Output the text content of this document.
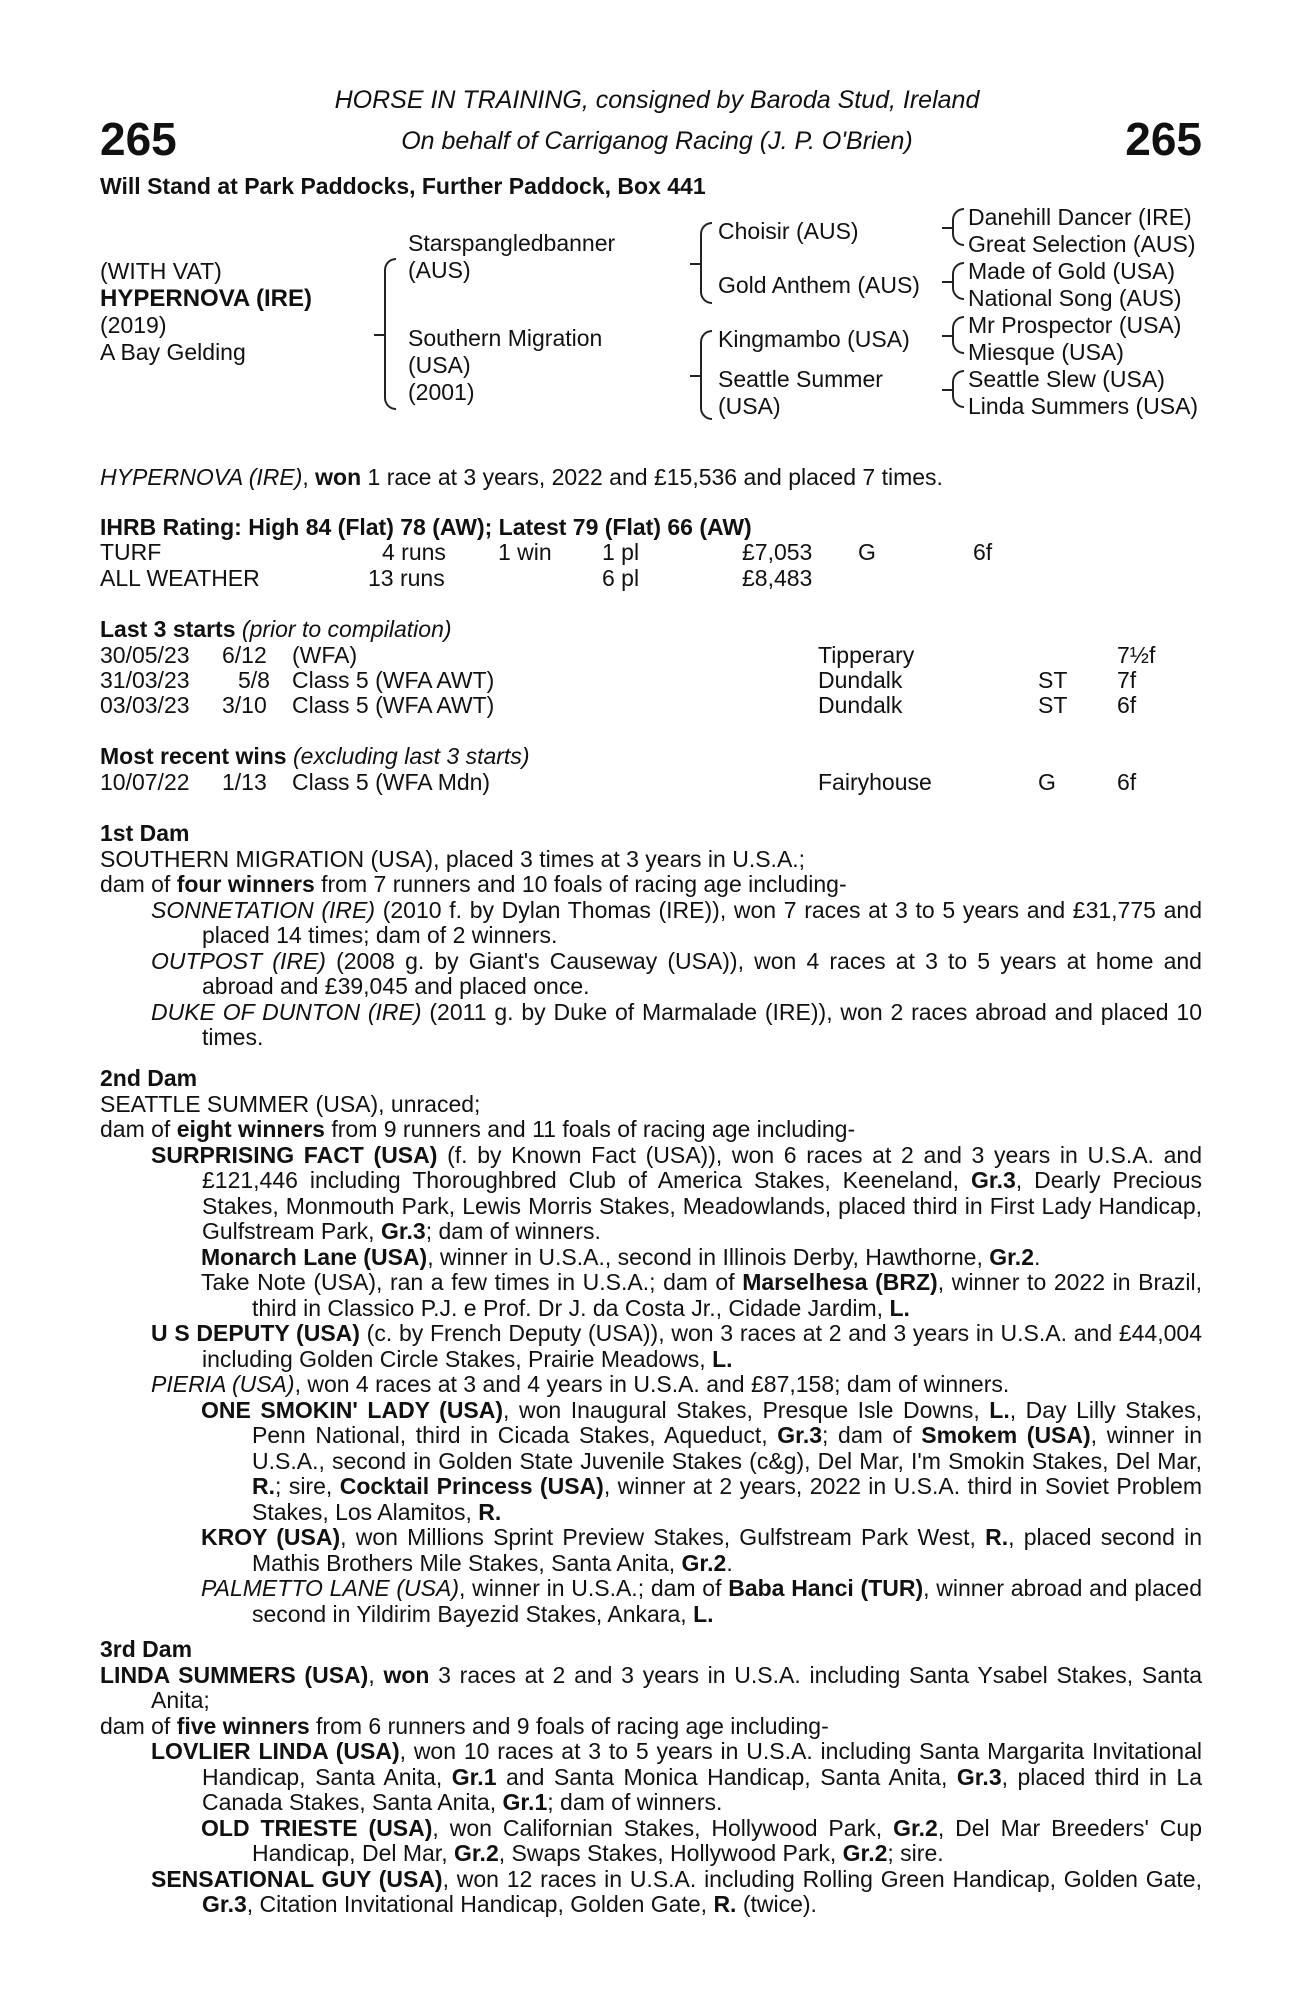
265	265
HORSE IN TRAINING, consigned by Baroda Stud, Ireland
On behalf of Carriganog Racing (J. P. O'Brien)
Will Stand at Park Paddocks, Further Paddock, Box 441
(WITH VAT)
HYPERNOVA (IRE)
(2019)
A Bay Gelding
Starspangledbanner
(AUS)
Southern Migration
(USA)
(2001)
Choisir (AUS)
Gold Anthem (AUS)
Kingmambo (USA)
Seattle Summer
(USA)
Danehill Dancer (IRE)
Great Selection (AUS)
Made of Gold (USA)
National Song (AUS)
Mr Prospector (USA)
Miesque (USA)
Seattle Slew (USA)
Linda Summers (USA)
HYPERNOVA (IRE), won 1 race at 3 years, 2022 and £15,536 and placed 7 times.
IHRB Rating: High 84 (Flat) 78 (AW); Latest 79 (Flat) 66 (AW)
TURF	4 runs 1 win 1 pl	£7,053 G	6f
ALL WEATHER	13 runs	6 pl	£8,483
Last 3 starts (prior to compilation)
30/05/23 6/12 (WFA)	Tipperary	7½f
31/03/23 5/8 Class 5 (WFA AWT)	Dundalk	ST 7f
03/03/23 3/10 Class 5 (WFA AWT)	Dundalk	ST 6f
Most recent wins (excluding last 3 starts)
10/07/22 1/13 Class 5 (WFA Mdn)	Fairyhouse	G	6f

1st Dam

SOUTHERN MIGRATION (USA), placed 3 times at 3 years in U.S.A.;

dam of four winners from 7 runners and 10 foals of racing age including-

SONNETATION (IRE) (2010 f. by Dylan Thomas (IRE)), won 7 races at 3 to 5 years and £31,775 and placed 14 times; dam of 2 winners.

OUTPOST (IRE) (2008 g. by Giant's Causeway (USA)), won 4 races at 3 to 5 years at home and abroad and £39,045 and placed once.

DUKE OF DUNTON (IRE) (2011 g. by Duke of Marmalade (IRE)), won 2 races abroad and placed 10 times.

2nd Dam

SEATTLE SUMMER (USA), unraced;

dam of eight winners from 9 runners and 11 foals of racing age including-

SURPRISING FACT (USA) (f. by Known Fact (USA)), won 6 races at 2 and 3 years in U.S.A. and £121,446 including Thoroughbred Club of America Stakes, Keeneland, Gr.3, Dearly Precious Stakes, Monmouth Park, Lewis Morris Stakes, Meadowlands, placed third in First Lady Handicap, Gulfstream Park, Gr.3; dam of winners.

Monarch Lane (USA), winner in U.S.A., second in Illinois Derby, Hawthorne, Gr.2.

Take Note (USA), ran a few times in U.S.A.; dam of Marselhesa (BRZ), winner to 2022 in Brazil, third in Classico P.J. e Prof. Dr J. da Costa Jr., Cidade Jardim, L.

U S DEPUTY (USA) (c. by French Deputy (USA)), won 3 races at 2 and 3 years in U.S.A. and £44,004 including Golden Circle Stakes, Prairie Meadows, L.

PIERIA (USA), won 4 races at 3 and 4 years in U.S.A. and £87,158; dam of winners.

ONE SMOKIN' LADY (USA), won Inaugural Stakes, Presque Isle Downs, L., Day Lilly Stakes, Penn National, third in Cicada Stakes, Aqueduct, Gr.3; dam of Smokem (USA), winner in U.S.A., second in Golden State Juvenile Stakes (c&g), Del Mar, I'm Smokin Stakes, Del Mar, R.; sire, Cocktail Princess (USA), winner at 2 years, 2022 in U.S.A. third in Soviet Problem Stakes, Los Alamitos, R.

KROY (USA), won Millions Sprint Preview Stakes, Gulfstream Park West, R., placed second in Mathis Brothers Mile Stakes, Santa Anita, Gr.2.

PALMETTO LANE (USA), winner in U.S.A.; dam of Baba Hanci (TUR), winner abroad and placed second in Yildirim Bayezid Stakes, Ankara, L.

3rd Dam

LINDA SUMMERS (USA), won 3 races at 2 and 3 years in U.S.A. including Santa Ysabel Stakes, Santa Anita;

dam of five winners from 6 runners and 9 foals of racing age including-

LOVLIER LINDA (USA), won 10 races at 3 to 5 years in U.S.A. including Santa Margarita Invitational Handicap, Santa Anita, Gr.1 and Santa Monica Handicap, Santa Anita, Gr.3, placed third in La Canada Stakes, Santa Anita, Gr.1; dam of winners.

OLD TRIESTE (USA), won Californian Stakes, Hollywood Park, Gr.2, Del Mar Breeders' Cup Handicap, Del Mar, Gr.2, Swaps Stakes, Hollywood Park, Gr.2; sire.

SENSATIONAL GUY (USA), won 12 races in U.S.A. including Rolling Green Handicap, Golden Gate, Gr.3, Citation Invitational Handicap, Golden Gate, R. (twice).
